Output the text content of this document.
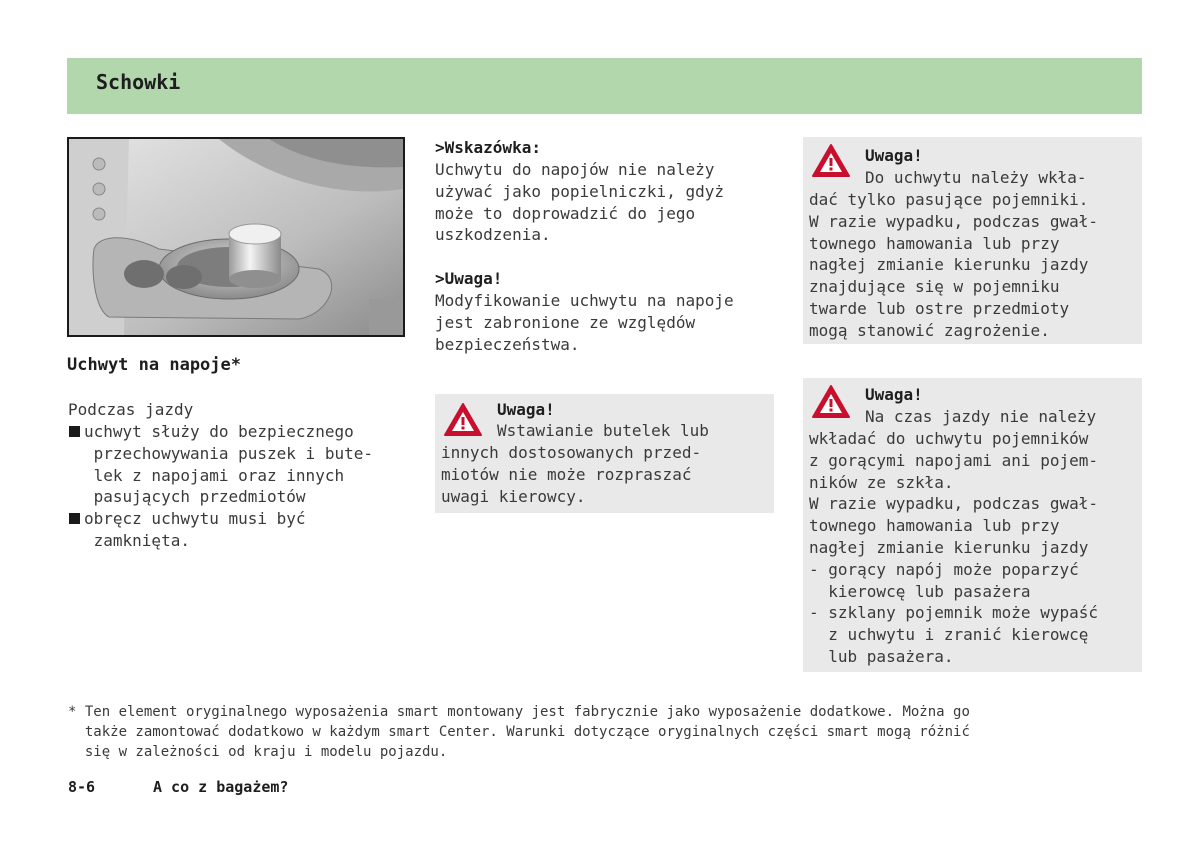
Schowki
Uchwyt na napoje*
Podczas jazdy
uchwyt służy do bezpiecznego
przechowywania puszek i bute-
lek z napojami oraz innych
pasujących przedmiotów
obręcz uchwytu musi być
zamknięta.
>Wskazówka:
Uchwytu do napojów nie należy
używać jako popielniczki, gdyż
może to doprowadzić do jego
uszkodzenia.
>Uwaga!
Modyfikowanie uchwytu na napoje
jest zabronione ze względów
bezpieczeństwa.
Uwaga!
Wstawianie butelek lub
innych dostosowanych przed-
miotów nie może rozpraszać
uwagi kierowcy.
Uwaga!
Do uchwytu należy wkła-
dać tylko pasujące pojemniki.
W razie wypadku, podczas gwał-
townego hamowania lub przy
nagłej zmianie kierunku jazdy
znajdujące się w pojemniku
twarde lub ostre przedmioty
mogą stanowić zagrożenie.
Uwaga!
Na czas jazdy nie należy
wkładać do uchwytu pojemników
z gorącymi napojami ani pojem-
ników ze szkła.
W razie wypadku, podczas gwał-
townego hamowania lub przy
nagłej zmianie kierunku jazdy
- gorący napój może poparzyć
kierowcę lub pasażera
- szklany pojemnik może wypaść
z uchwytu i zranić kierowcę
lub pasażera.
* Ten element oryginalnego wyposażenia smart montowany jest fabrycznie jako wyposażenie dodatkowe. Można go
także zamontować dodatkowo w każdym smart Center. Warunki dotyczące oryginalnych części smart mogą różnić
się w zależności od kraju i modelu pojazdu.
8-6	A co z bagażem?
